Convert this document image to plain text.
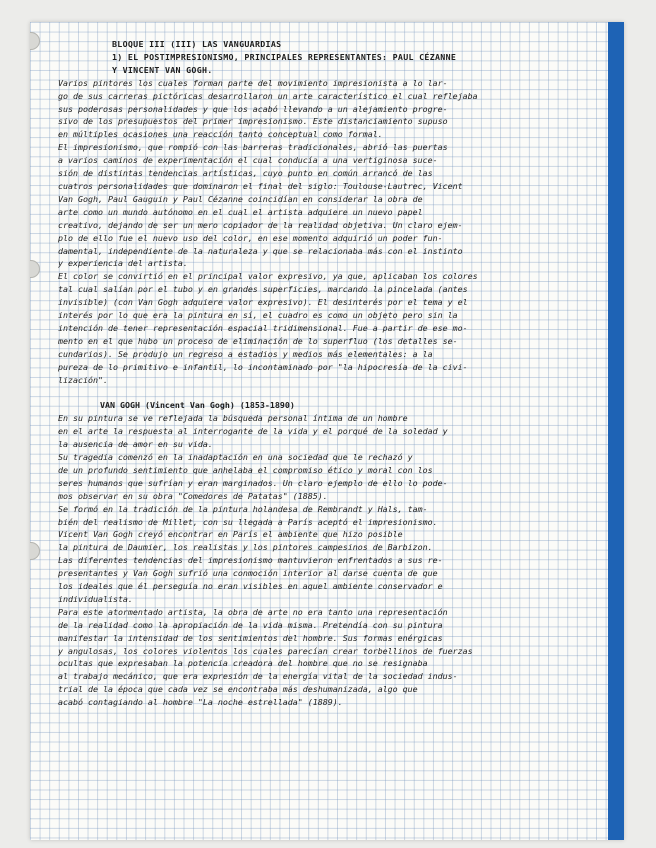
BLOQUE III (III) LAS VANGUARDIAS
1) EL POSTIMPRESIONISMO, PRINCIPALES REPRESENTANTES: PAUL CÉZANNE
Y VINCENT VAN GOGH.
Varios pintores los cuales forman parte del movimiento impresionista a lo lar-
go de sus carreras pictóricas desarrollaron un arte característico el cual reflejaba
sus poderosas personalidades y que los acabó llevando a un alejamiento progre-
sivo de los presupuestos del primer impresionismo. Este distanciamiento supuso
en múltiples ocasiones una reacción tanto conceptual como formal.
El impresionismo, que rompió con las barreras tradicionales, abrió las puertas
a varios caminos de experimentación el cual conducía a una vertiginosa suce-
sión de distintas tendencias artísticas, cuyo punto en común arrancó de las
cuatros personalidades que dominaron el final del siglo: Toulouse-Lautrec, Vicent
Van Gogh, Paul Gauguin y Paul Cézanne coincidían en considerar la obra de
arte como un mundo autónomo en el cual el artista adquiere un nuevo papel
creativo, dejando de ser un mero copiador de la realidad objetiva. Un claro ejem-
plo de ello fue el nuevo uso del color, en ese momento adquirió un poder fun-
damental, independiente de la naturaleza y que se relacionaba más con el instinto
y experiencia del artista.
El color se convirtió en el principal valor expresivo, ya que, aplicaban los colores
tal cual salían por el tubo y en grandes superficies, marcando la pincelada (antes
invisible) (con Van Gogh adquiere valor expresivo). El desinterés por el tema y el
interés por lo que era la pintura en sí, el cuadro es como un objeto pero sin la
intención de tener representación espacial tridimensional. Fue a partir de ese mo-
mento en el que hubo un proceso de eliminación de lo superfluo (los detalles se-
cundarios). Se produjo un regreso a estadios y medios más elementales: a la
pureza de lo primitivo e infantil, lo incontaminado por "la hipocresía de la civi-
lización".
VAN GOGH (Vincent Van Gogh) (1853-1890)
En su pintura se ve reflejada la búsqueda personal íntima de un hombre
en el arte la respuesta al interrogante de la vida y el porqué de la soledad y
la ausencia de amor en su vida.
Su tragedia comenzó en la inadaptación en una sociedad que le rechazó y
de un profundo sentimiento que anhelaba el compromiso ético y moral con los
seres humanos que sufrían y eran marginados. Un claro ejemplo de ello lo pode-
mos observar en su obra "Comedores de Patatas" (1885).
Se formó en la tradición de la pintura holandesa de Rembrandt y Hals, tam-
bién del realismo de Millet, con su llegada a París aceptó el impresionismo.
Vicent Van Gogh creyó encontrar en París el ambiente que hizo posible
la pintura de Daumier, los realistas y los pintores campesinos de Barbizon.
Las diferentes tendencias del impresionismo mantuvieron enfrentados a sus re-
presentantes y Van Gogh sufrió una conmoción interior al darse cuenta de que
los ideales que él perseguía no eran visibles en aquel ambiente conservador e
individualista.
Para este atormentado artista, la obra de arte no era tanto una representación
de la realidad como la apropiación de la vida misma. Pretendía con su pintura
manifestar la intensidad de los sentimientos del hombre. Sus formas enérgicas
y angulosas, los colores violentos los cuales parecían crear torbellinos de fuerzas
ocultas que expresaban la potencia creadora del hombre que no se resignaba
al trabajo mecánico, que era expresión de la energía vital de la sociedad indus-
trial de la época que cada vez se encontraba más deshumanizada, algo que
acabó contagiando al hombre "La noche estrellada" (1889).
